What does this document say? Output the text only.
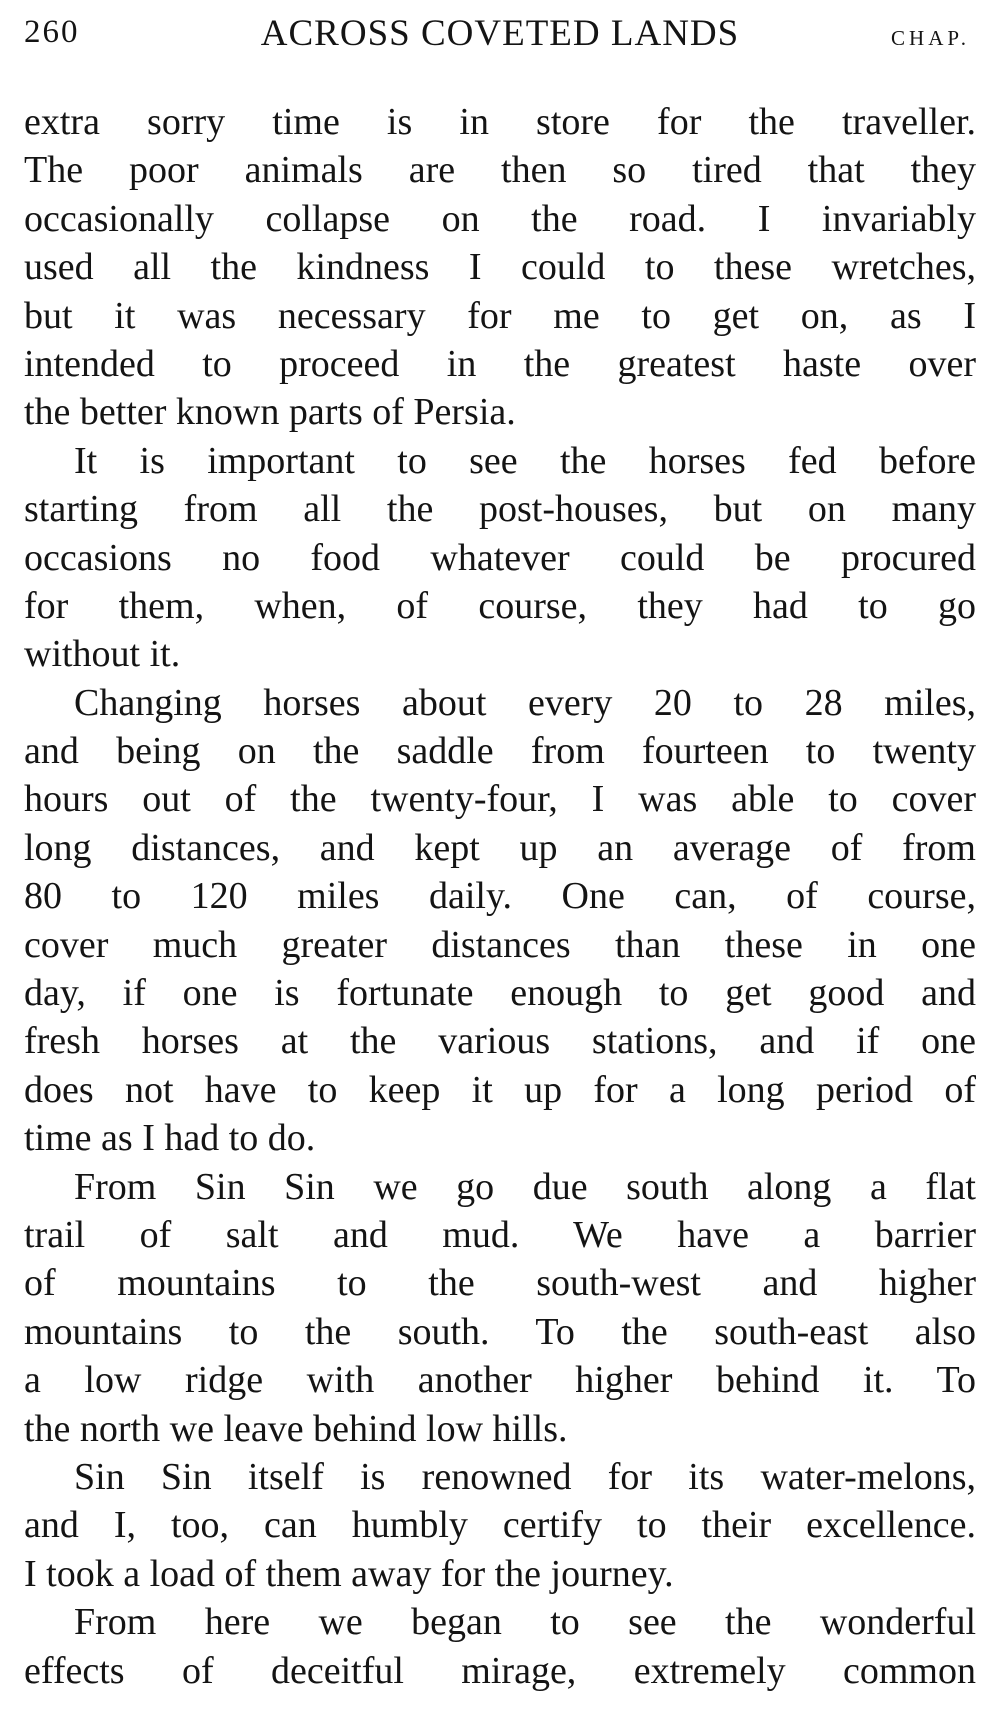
260	ACROSS COVETED LANDS	CHAP.
extra sorry time is in store for the traveller.
The poor animals are then so tired that they
occasionally collapse on the road. I invariably
used all the kindness I could to these wretches,
but it was necessary for me to get on, as I
intended to proceed in the greatest haste over
the better known parts of Persia.
It is important to see the horses fed before
starting from all the post-houses, but on many
occasions no food whatever could be procured
for them, when, of course, they had to go
without it.
Changing horses about every 20 to 28 miles,
and being on the saddle from fourteen to twenty
hours out of the twenty-four, I was able to cover
long distances, and kept up an average of from
80 to 120 miles daily. One can, of course,
cover much greater distances than these in one
day, if one is fortunate enough to get good and
fresh horses at the various stations, and if one
does not have to keep it up for a long period of
time as I had to do.
From Sin Sin we go due south along a flat
trail of salt and mud. We have a barrier
of mountains to the south-west and higher
mountains to the south. To the south-east also
a low ridge with another higher behind it. To
the north we leave behind low hills.
Sin Sin itself is renowned for its water-melons,
and I, too, can humbly certify to their excellence.
I took a load of them away for the journey.
From here we began to see the wonderful
effects of deceitful mirage, extremely common
